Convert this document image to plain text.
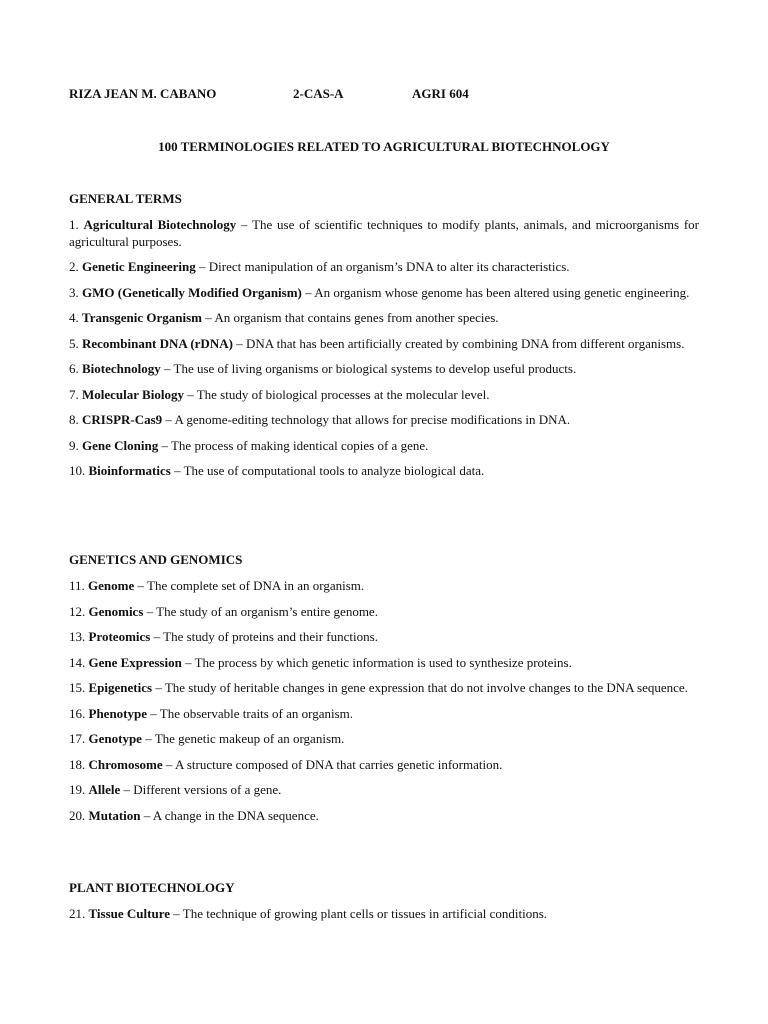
RIZA JEAN M. CABANO	2-CAS-A	AGRI 604
100 TERMINOLOGIES RELATED TO AGRICULTURAL BIOTECHNOLOGY
GENERAL TERMS
1. Agricultural Biotechnology – The use of scientific techniques to modify plants, animals, and microorganisms for agricultural purposes.
2. Genetic Engineering – Direct manipulation of an organism’s DNA to alter its characteristics.
3. GMO (Genetically Modified Organism) – An organism whose genome has been altered using genetic engineering.
4. Transgenic Organism – An organism that contains genes from another species.
5. Recombinant DNA (rDNA) – DNA that has been artificially created by combining DNA from different organisms.
6. Biotechnology – The use of living organisms or biological systems to develop useful products.
7. Molecular Biology – The study of biological processes at the molecular level.
8. CRISPR-Cas9 – A genome-editing technology that allows for precise modifications in DNA.
9. Gene Cloning – The process of making identical copies of a gene.
10. Bioinformatics – The use of computational tools to analyze biological data.
GENETICS AND GENOMICS
11. Genome – The complete set of DNA in an organism.
12. Genomics – The study of an organism’s entire genome.
13. Proteomics – The study of proteins and their functions.
14. Gene Expression – The process by which genetic information is used to synthesize proteins.
15. Epigenetics – The study of heritable changes in gene expression that do not involve changes to the DNA sequence.
16. Phenotype – The observable traits of an organism.
17. Genotype – The genetic makeup of an organism.
18. Chromosome – A structure composed of DNA that carries genetic information.
19. Allele – Different versions of a gene.
20. Mutation – A change in the DNA sequence.
PLANT BIOTECHNOLOGY
21. Tissue Culture – The technique of growing plant cells or tissues in artificial conditions.
